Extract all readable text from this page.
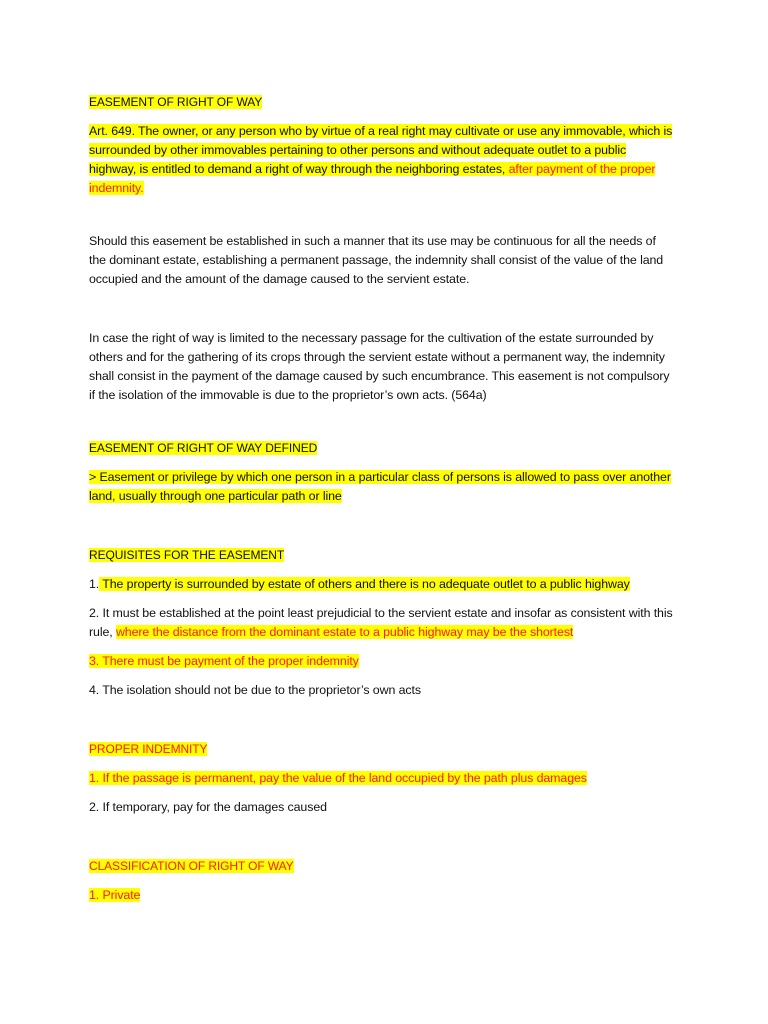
EASEMENT OF RIGHT OF WAY

Art. 649. The owner, or any person who by virtue of a real right may cultivate or use any immovable, which is surrounded by other immovables pertaining to other persons and without adequate outlet to a public highway, is entitled to demand a right of way through the neighboring estates, after payment of the proper indemnity.

Should this easement be established in such a manner that its use may be continuous for all the needs of the dominant estate, establishing a permanent passage, the indemnity shall consist of the value of the land occupied and the amount of the damage caused to the servient estate.

In case the right of way is limited to the necessary passage for the cultivation of the estate surrounded by others and for the gathering of its crops through the servient estate without a permanent way, the indemnity shall consist in the payment of the damage caused by such encumbrance. This easement is not compulsory if the isolation of the immovable is due to the proprietor’s own acts. (564a)

EASEMENT OF RIGHT OF WAY DEFINED

> Easement or privilege by which one person in a particular class of persons is allowed to pass over another land, usually through one particular path or line

REQUISITES FOR THE EASEMENT

1. The property is surrounded by estate of others and there is no adequate outlet to a public highway

2. It must be established at the point least prejudicial to the servient estate and insofar as consistent with this rule, where the distance from the dominant estate to a public highway may be the shortest

3. There must be payment of the proper indemnity

4. The isolation should not be due to the proprietor’s own acts

PROPER INDEMNITY

1. If the passage is permanent, pay the value of the land occupied by the path plus damages

2. If temporary, pay for the damages caused

CLASSIFICATION OF RIGHT OF WAY

1. Private
